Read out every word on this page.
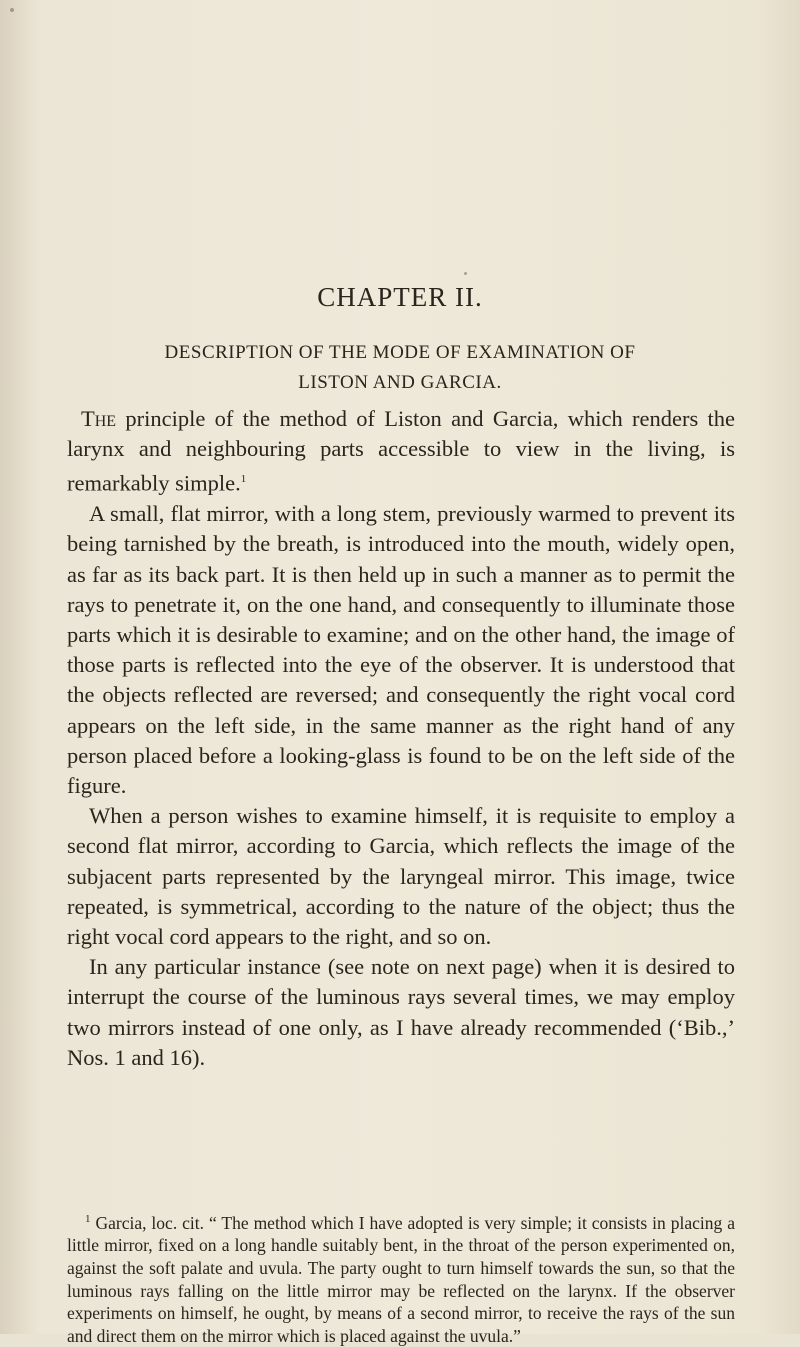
CHAPTER II.
DESCRIPTION OF THE MODE OF EXAMINATION OF
LISTON AND GARCIA.

The principle of the method of Liston and Garcia, which renders the larynx and neighbouring parts accessible to view in the living, is remarkably simple.$^1$

A small, flat mirror, with a long stem, previously warmed to prevent its being tarnished by the breath, is introduced into the mouth, widely open, as far as its back part. It is then held up in such a manner as to permit the rays to penetrate it, on the one hand, and consequently to illuminate those parts which it is desirable to examine; and on the other hand, the image of those parts is reflected into the eye of the observer. It is understood that the objects reflected are reversed; and consequently the right vocal cord appears on the left side, in the same manner as the right hand of any person placed before a looking-glass is found to be on the left side of the figure.

When a person wishes to examine himself, it is requisite to employ a second flat mirror, according to Garcia, which reflects the image of the subjacent parts represented by the laryngeal mirror. This image, twice repeated, is symmetrical, according to the nature of the object; thus the right vocal cord appears to the right, and so on.

In any particular instance (see note on next page) when it is desired to interrupt the course of the luminous rays several times, we may employ two mirrors instead of one only, as I have already recommended (‘Bib.,’ Nos. 1 and 16).

$^1$ Garcia, loc. cit. “ The method which I have adopted is very simple; it consists in placing a little mirror, fixed on a long handle suitably bent, in the throat of the person experimented on, against the soft palate and uvula. The party ought to turn himself towards the sun, so that the luminous rays falling on the little mirror may be reflected on the larynx. If the observer experiments on himself, he ought, by means of a second mirror, to receive the rays of the sun and direct them on the mirror which is placed against the uvula.”
